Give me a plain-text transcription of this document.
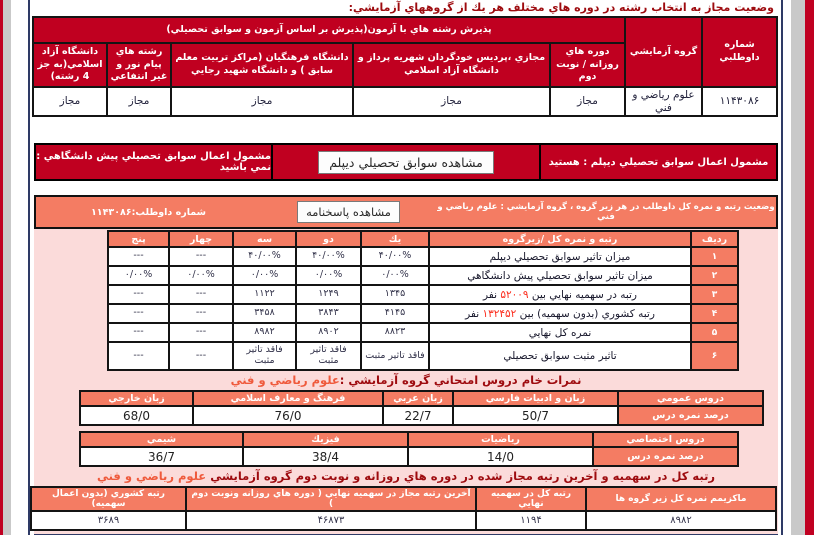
وضعيت مجاز به انتخاب رشته در دوره هاي مختلف هر يك از گروههاي آزمايشي:
شماره داوطلبي	گروه آزمايشي	پذيرش رشته هاي با آزمون(پذيرش بر اساس آزمون و سوابق تحصيلي)				
		دوره هاي روزانه / نوبت دوم	مجازي ،پرديس خودگردان شهريه پرداز و دانشگاه آزاد اسلامي	دانشگاه فرهنگيان (مراكز تربيت معلم سابق ) و دانشگاه شهيد رجايي	رشته هاي پيام نور و غير انتفاعي	دانشگاه آزاد اسلامي(به جز 4 رشته)
۱۱۴۳۰۸۶	علوم رياضي و فني	مجاز	مجاز	مجاز	مجاز	مجاز
مشمول اعمال سوابق تحصيلي ديپلم : هستيد
مشاهده سوابق تحصيلي ديپلم
مشمول اعمال سوابق تحصيلي پيش دانشگاهي : نمي باشيد
وضعيت رتبه و نمره كل داوطلب در هر زير گروه ، گروه آزمايشي : علوم رياضي و فني
مشاهده پاسخنامه
شماره داوطلب:۱۱۴۳۰۸۶
رديف	رتبه و نمره كل /زيرگروه	يك	دو	سه	چهار	پنج
۱	ميزان تاثير سوابق تحصيلي ديپلم	۴۰/۰۰%	۴۰/۰۰%	۴۰/۰۰%	---	---
۲	ميزان تاثير سوابق تحصيلي پيش دانشگاهي	۰/۰۰%	۰/۰۰%	۰/۰۰%	۰/۰۰%	۰/۰۰%
۳	رتبه در سهميه نهايي بين ۵۲۰۰۹ نفر	۱۳۴۵	۱۲۴۹	۱۱۲۲	---	---
۴	رتبه كشوري (بدون سهميه) بين ۱۳۲۴۵۲ نفر	۴۱۴۵	۳۸۴۳	۳۴۵۸	---	---
۵	نمره كل نهايي	۸۸۲۳	۸۹۰۲	۸۹۸۲	---	---
۶	تاثير مثبت سوابق تحصيلي	فاقد تاثير مثبت	فاقد تاثير مثبت	فاقد تاثير مثبت	---	---
نمرات خام دروس امتحاني گروه آزمايشي :علوم رياضي و فني
دروس عمومي	زبان و ادبيات فارسي	زبان عربي	فرهنگ و معارف اسلامي	زبان خارجي
درصد نمره درس	50/7	22/7	76/0	68/0
دروس اختصاصي	رياضيات	فيزيك	شيمي
درصد نمره درس	14/0	38/4	36/7
رتبه كل در سهميه و آخرين رتبه مجاز شده در دوره هاي روزانه و نوبت دوم گروه آزمايشي علوم رياضي و فني
ماكزيمم نمره كل زير گروه ها	رتبه كل در سهميه نهايي	آخرين رتبه مجاز در سهميه نهايي ( دوره هاي روزانه ونوبت دوم )	رتبه كشوري (بدون اعمال سهميه)
۸۹۸۲	۱۱۹۴	۴۶۸۷۳	۳۶۸۹
